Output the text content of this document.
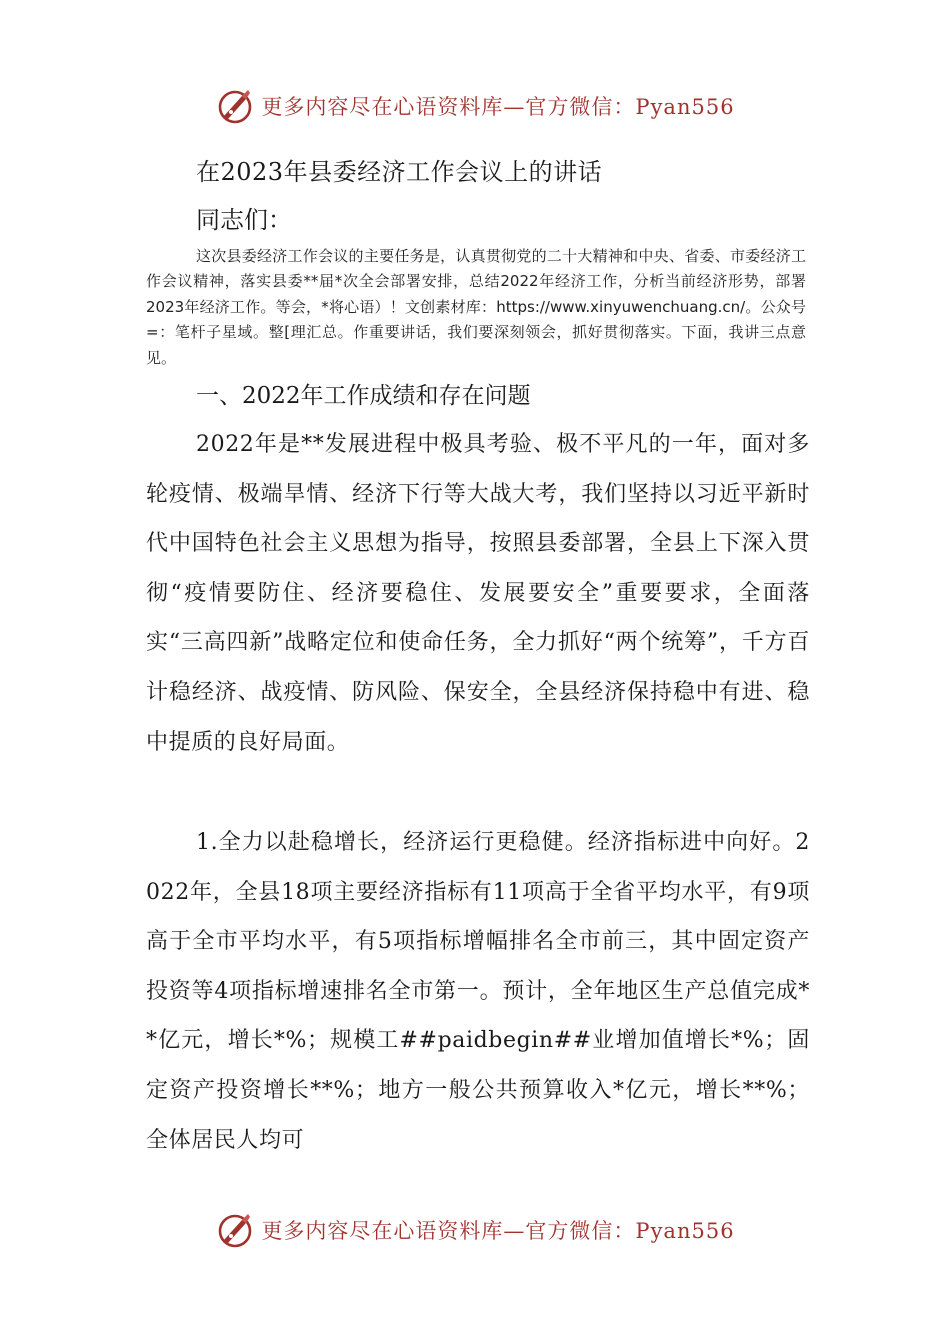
更多内容尽在心语资料库—官方微信：Pyan556
在2023年县委经济工作会议上的讲话
同志们：

这次县委经济工作会议的主要任务是，认真贯彻党的二十大精神和中央、省委、市委经济工作会议精神，落实县委**届*次全会部署安排，总结2022年经济工作，分析当前经济形势，部署2023年经济工作。等会，*将心语）！文创素材库：https://www.xinyuwenchuang.cn/。公众号=：笔杆子星域。整[理汇总。作重要讲话，我们要深刻领会，抓好贯彻落实。下面，我讲三点意见。

一、2022年工作成绩和存在问题

2022年是**发展进程中极具考验、极不平凡的一年，面对多轮疫情、极端旱情、经济下行等大战大考，我们坚持以习近平新时代中国特色社会主义思想为指导，按照县委部署，全县上下深入贯彻“疫情要防住、经济要稳住、发展要安全”重要要求，全面落实“三高四新”战略定位和使命任务，全力抓好“两个统筹”，千方百计稳经济、战疫情、防风险、保安全，全县经济保持稳中有进、稳中提质的良好局面。

1.全力以赴稳增长，经济运行更稳健。经济指标进中向好。2022年，全县18项主要经济指标有11项高于全省平均水平，有9项高于全市平均水平，有5项指标增幅排名全市前三，其中固定资产投资等4项指标增速排名全市第一。预计，全年地区生产总值完成**亿元，增长*%；规模工##paidbegin##业增加值增长*%；固定资产投资增长**%；地方一般公共预算收入*亿元，增长**%；全体居民人均可

更多内容尽在心语资料库—官方微信：Pyan556
